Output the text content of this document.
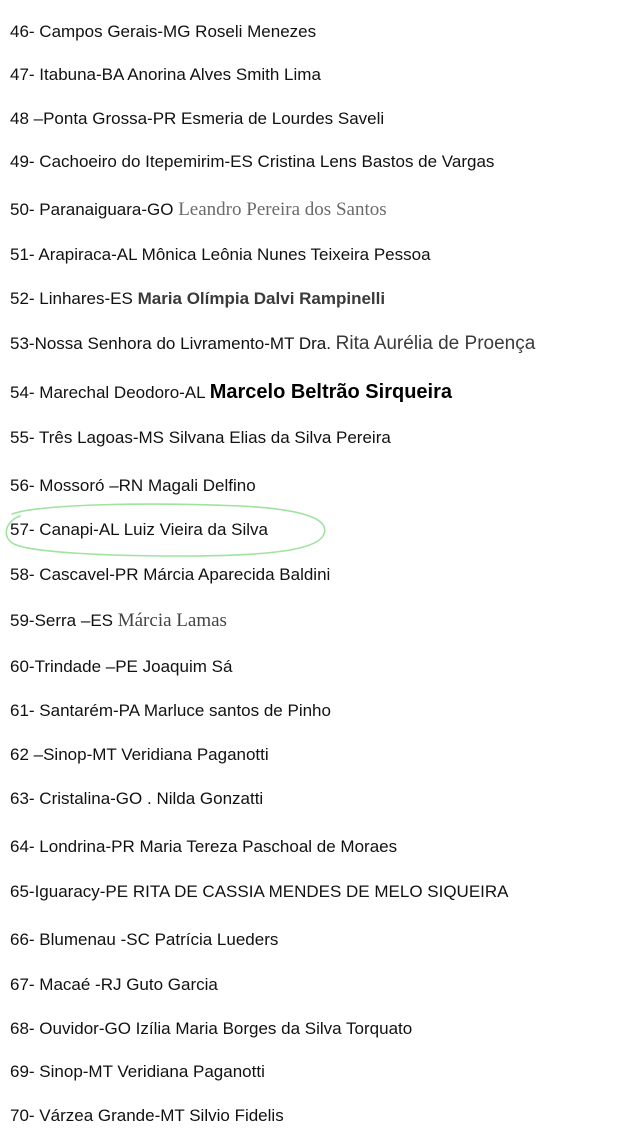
46- Campos Gerais-MG Roseli Menezes
47- Itabuna-BA Anorina Alves Smith Lima
48 –Ponta Grossa-PR Esmeria de Lourdes Saveli
49- Cachoeiro do Itepemirim-ES Cristina Lens Bastos de Vargas
50- Paranaiguara-GO Leandro Pereira dos Santos
51- Arapiraca-AL Mônica Leônia Nunes Teixeira Pessoa
52- Linhares-ES Maria Olímpia Dalvi Rampinelli
53-Nossa Senhora do Livramento-MT Dra. Rita Aurélia de Proença
54- Marechal Deodoro-AL Marcelo Beltrão Sirqueira
55- Três Lagoas-MS Silvana Elias da Silva Pereira
56- Mossoró –RN Magali Delfino
57- Canapi-AL Luiz Vieira da Silva
58- Cascavel-PR Márcia Aparecida Baldini
59-Serra –ES Márcia Lamas
60-Trindade –PE Joaquim Sá
61- Santarém-PA Marluce santos de Pinho
62 –Sinop-MT Veridiana Paganotti
63- Cristalina-GO . Nilda Gonzatti
64- Londrina-PR Maria Tereza Paschoal de Moraes
65-Iguaracy-PE RITA DE CASSIA MENDES DE MELO SIQUEIRA
66- Blumenau -SC Patrícia Lueders
67- Macaé -RJ Guto Garcia
68- Ouvidor-GO Izília Maria Borges da Silva Torquato
69- Sinop-MT Veridiana Paganotti
70- Várzea Grande-MT Silvio Fidelis
